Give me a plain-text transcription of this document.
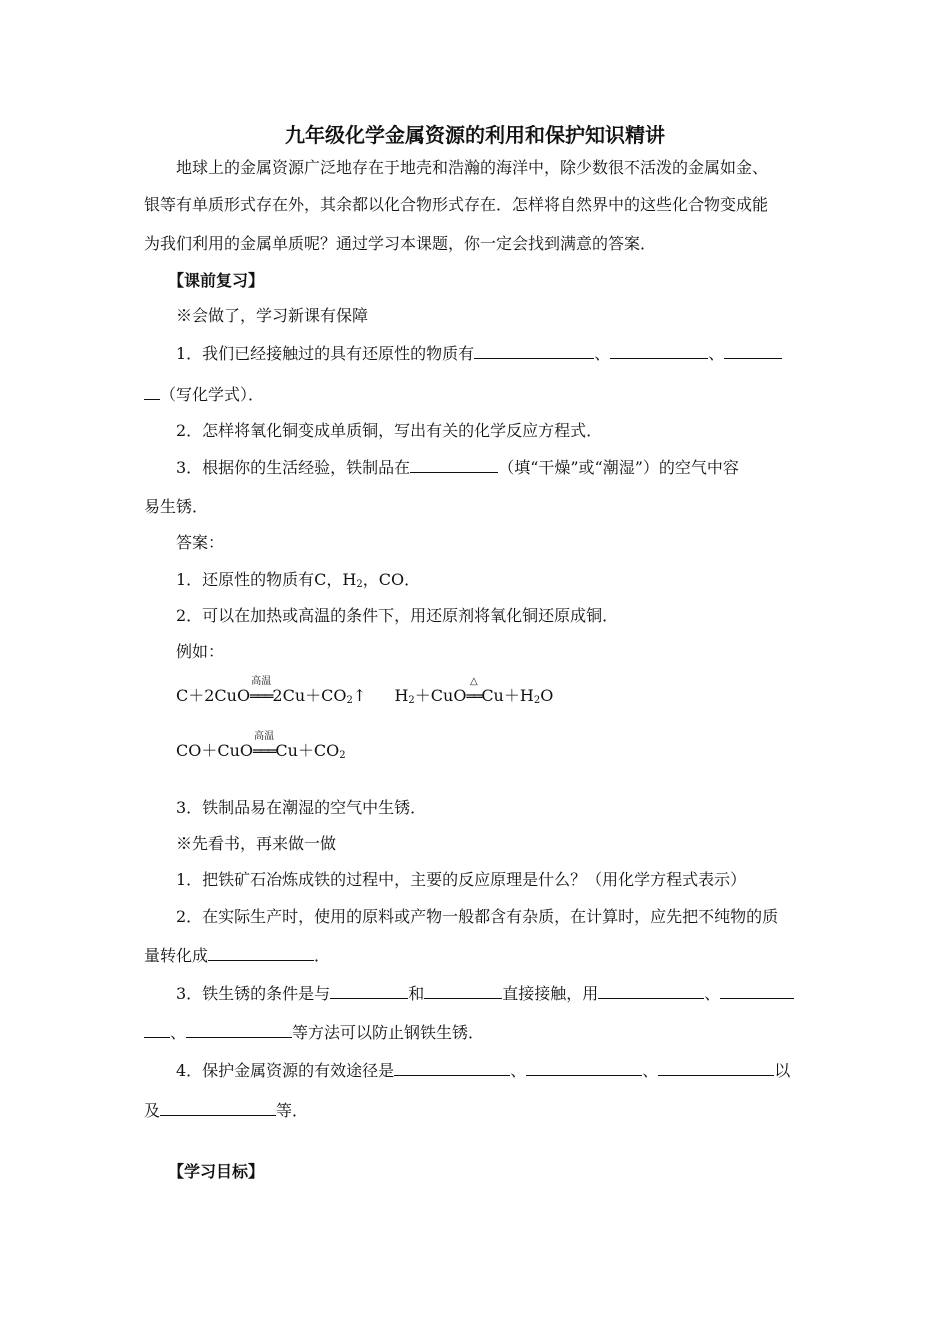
九年级化学金属资源的利用和保护知识精讲
地球上的金属资源广泛地存在于地壳和浩瀚的海洋中，除少数很不活泼的金属如金、
银等有单质形式存在外，其余都以化合物形式存在．怎样将自然界中的这些化合物变成能
为我们利用的金属单质呢？通过学习本课题，你一定会找到满意的答案．
【课前复习】
※会做了，学习新课有保障
1．我们已经接触过的具有还原性的物质有	、	、
（写化学式）．
2．怎样将氧化铜变成单质铜，写出有关的化学反应方程式．
3．根据你的生活经验，铁制品在	（填“干燥”或“潮湿”）的空气中容
易生锈．
答案：
1．还原性的物质有C，$H_2$，CO．
2．可以在加热或高温的条件下，用还原剂将氧化铜还原成铜．
例如：
C＋2CuO
高温
$═══2Cu+CO_2↑$ $H_2+CuO$
△
$══Cu+H_2O$
CO＋CuO
高温
$═══Cu+CO_2$
3．铁制品易在潮湿的空气中生锈．
※先看书，再来做一做
1．把铁矿石冶炼成铁的过程中，主要的反应原理是什么？（用化学方程式表示）
2．在实际生产时，使用的原料或产物一般都含有杂质，在计算时，应先把不纯物的质
量转化成	．
3．铁生锈的条件是与	和	直接接触，用	、
、	等方法可以防止钢铁生锈．
4．保护金属资源的有效途径是	、	、	以
及	等．
【学习目标】
